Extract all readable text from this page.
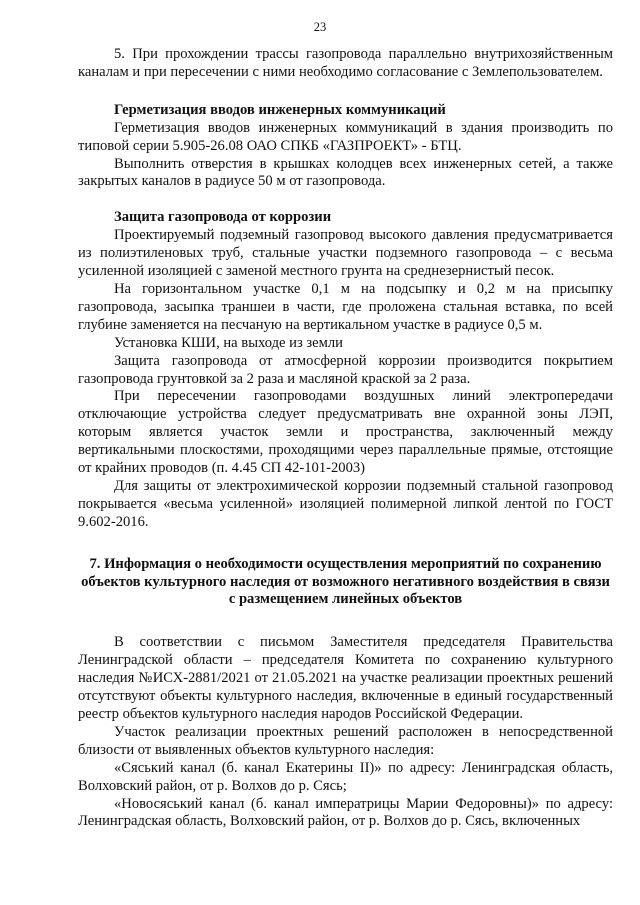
23

5. При прохождении трассы газопровода параллельно внутрихозяйственным каналам и при пересечении с ними необходимо согласование с Землепользователем.

Герметизация вводов инженерных коммуникаций

Герметизация вводов инженерных коммуникаций в здания производить по типовой серии 5.905-26.08 ОАО СПКБ «ГАЗПРОЕКТ» - БТЦ.

Выполнить отверстия в крышках колодцев всех инженерных сетей, а также закрытых каналов в радиусе 50 м от газопровода.

Защита газопровода от коррозии

Проектируемый подземный газопровод высокого давления предусматривается из полиэтиленовых труб, стальные участки подземного газопровода – с весьма усиленной изоляцией с заменой местного грунта на среднезернистый песок.

На горизонтальном участке 0,1 м на подсыпку и 0,2 м на присыпку газопровода, засыпка траншеи в части, где проложена стальная вставка, по всей глубине заменяется на песчаную на вертикальном участке в радиусе 0,5 м.

Установка КШИ, на выходе из земли

Защита газопровода от атмосферной коррозии производится покрытием газопровода грунтовкой за 2 раза и масляной краской за 2 раза.

При пересечении газопроводами воздушных линий электропередачи отключающие устройства следует предусматривать вне охранной зоны ЛЭП, которым является участок земли и пространства, заключенный между вертикальными плоскостями, проходящими через параллельные прямые, отстоящие от крайних проводов (п. 4.45 СП 42-101-2003)

Для защиты от электрохимической коррозии подземный стальной газопровод покрывается «весьма усиленной» изоляцией полимерной липкой лентой по ГОСТ 9.602-2016.

7. Информация о необходимости осуществления мероприятий по сохранению объектов культурного наследия от возможного негативного воздействия в связи с размещением линейных объектов

В соответствии с письмом Заместителя председателя Правительства Ленинградской области – председателя Комитета по сохранению культурного наследия №ИСХ-2881/2021 от 21.05.2021 на участке реализации проектных решений отсутствуют объекты культурного наследия, включенные в единый государственный реестр объектов культурного наследия народов Российской Федерации.

Участок реализации проектных решений расположен в непосредственной близости от выявленных объектов культурного наследия:

«Сяський канал (б. канал Екатерины II)» по адресу: Ленинградская область, Волховский район, от р. Волхов до р. Сясь;

«Новосяський канал (б. канал императрицы Марии Федоровны)» по адресу: Ленинградская область, Волховский район, от р. Волхов до р. Сясь, включенных
